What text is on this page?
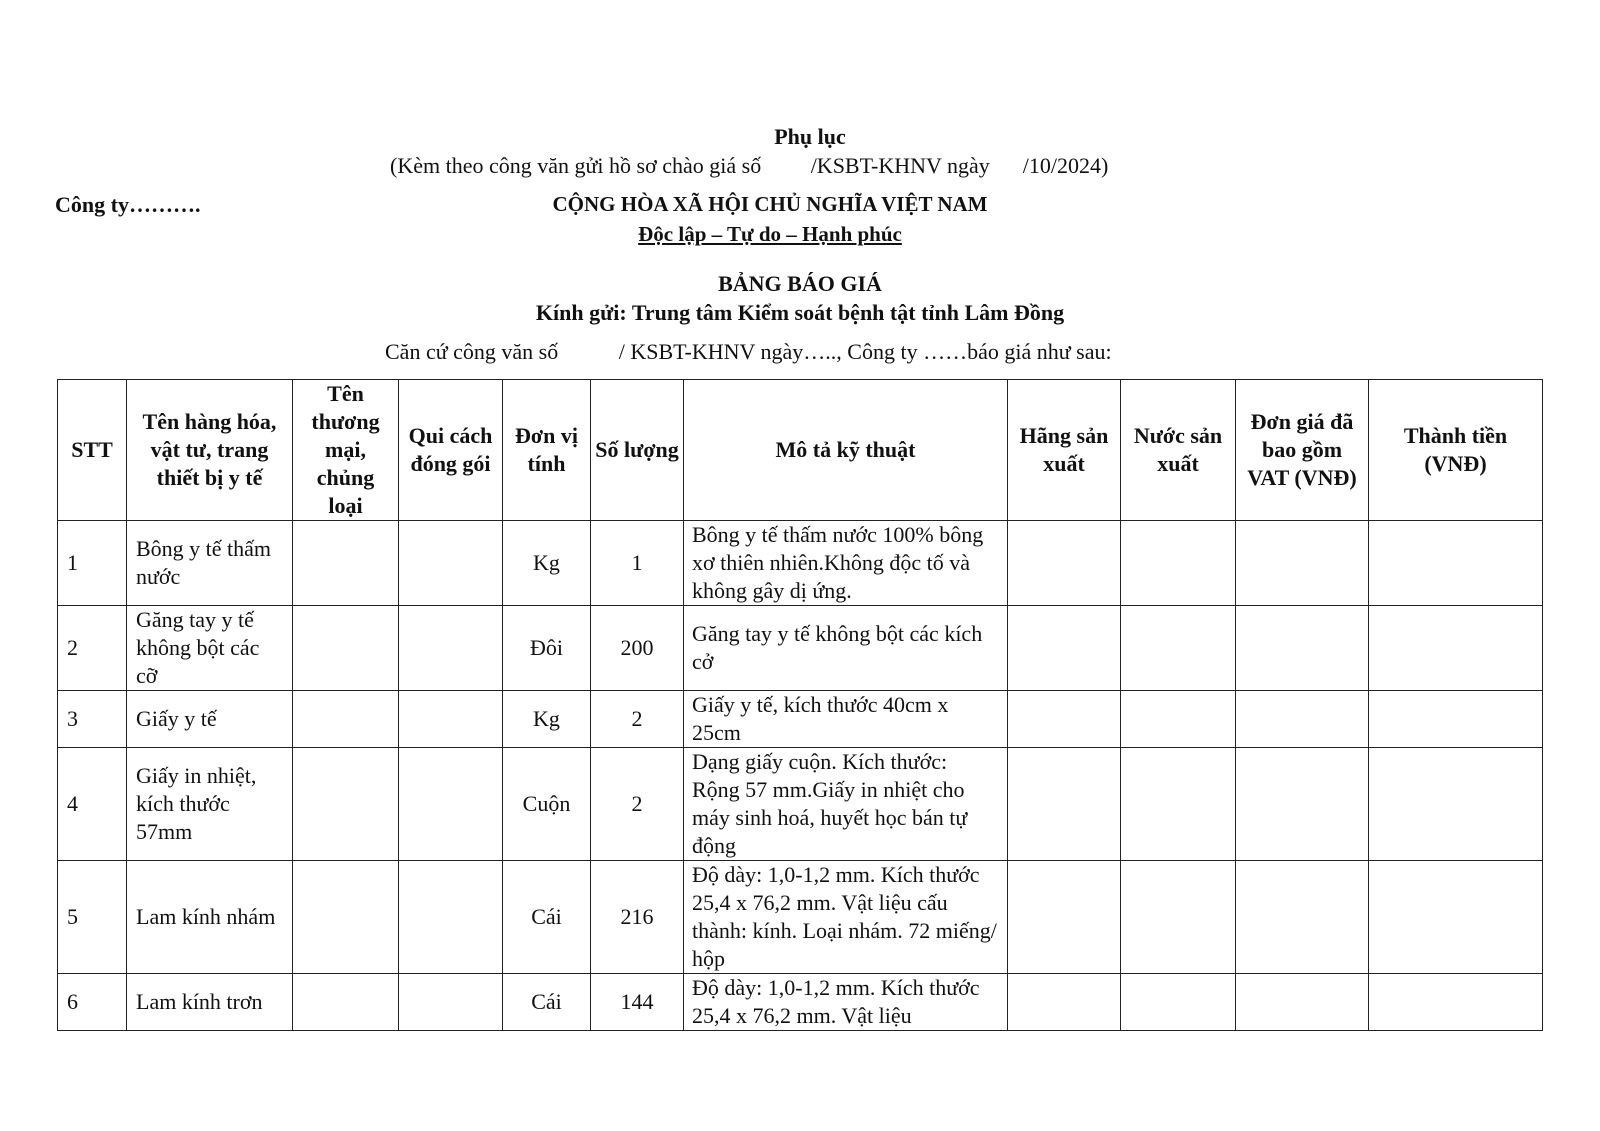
Phụ lục
(Kèm theo công văn gửi hồ sơ chào giá số         /KSBT-KHNV ngày      /10/2024)
Công ty……….	CỘNG HÒA XÃ HỘI CHỦ NGHĨA VIỆT NAM
Độc lập – Tự do – Hạnh phúc
BẢNG BÁO GIÁ
Kính gửi: Trung tâm Kiểm soát bệnh tật tỉnh Lâm Đồng
Căn cứ công văn số           / KSBT-KHNV ngày….., Công ty ……báo giá như sau:
STT	Tên hàng hóa, vật tư, trang thiết bị y tế	Tên thương mại, chủng loại	Qui cách đóng gói	Đơn vị tính	Số lượng	Mô tả kỹ thuật	Hãng sản xuất	Nước sản xuất	Đơn giá đã bao gồm VAT (VNĐ)	Thành tiền (VNĐ)
1	Bông y tế thấm nước			Kg	1	Bông y tế thấm nước 100% bông xơ thiên nhiên.Không độc tố và không gây dị ứng.				
2	Găng tay y tế không bột các cỡ			Đôi	200	Găng tay y tế không bột các kích cở				
3	Giấy y tế			Kg	2	Giấy y tế, kích thước 40cm x 25cm				
4	Giấy in nhiệt, kích thước 57mm			Cuộn	2	Dạng giấy cuộn. Kích thước: Rộng 57 mm.Giấy in nhiệt cho máy sinh hoá, huyết học bán tự động				
5	Lam kính nhám			Cái	216	Độ dày: 1,0-1,2 mm. Kích thước 25,4 x 76,2 mm. Vật liệu cấu thành: kính. Loại nhám. 72 miếng/ hộp				
6	Lam kính trơn			Cái	144	Độ dày: 1,0-1,2 mm. Kích thước 25,4 x 76,2 mm. Vật liệu				
